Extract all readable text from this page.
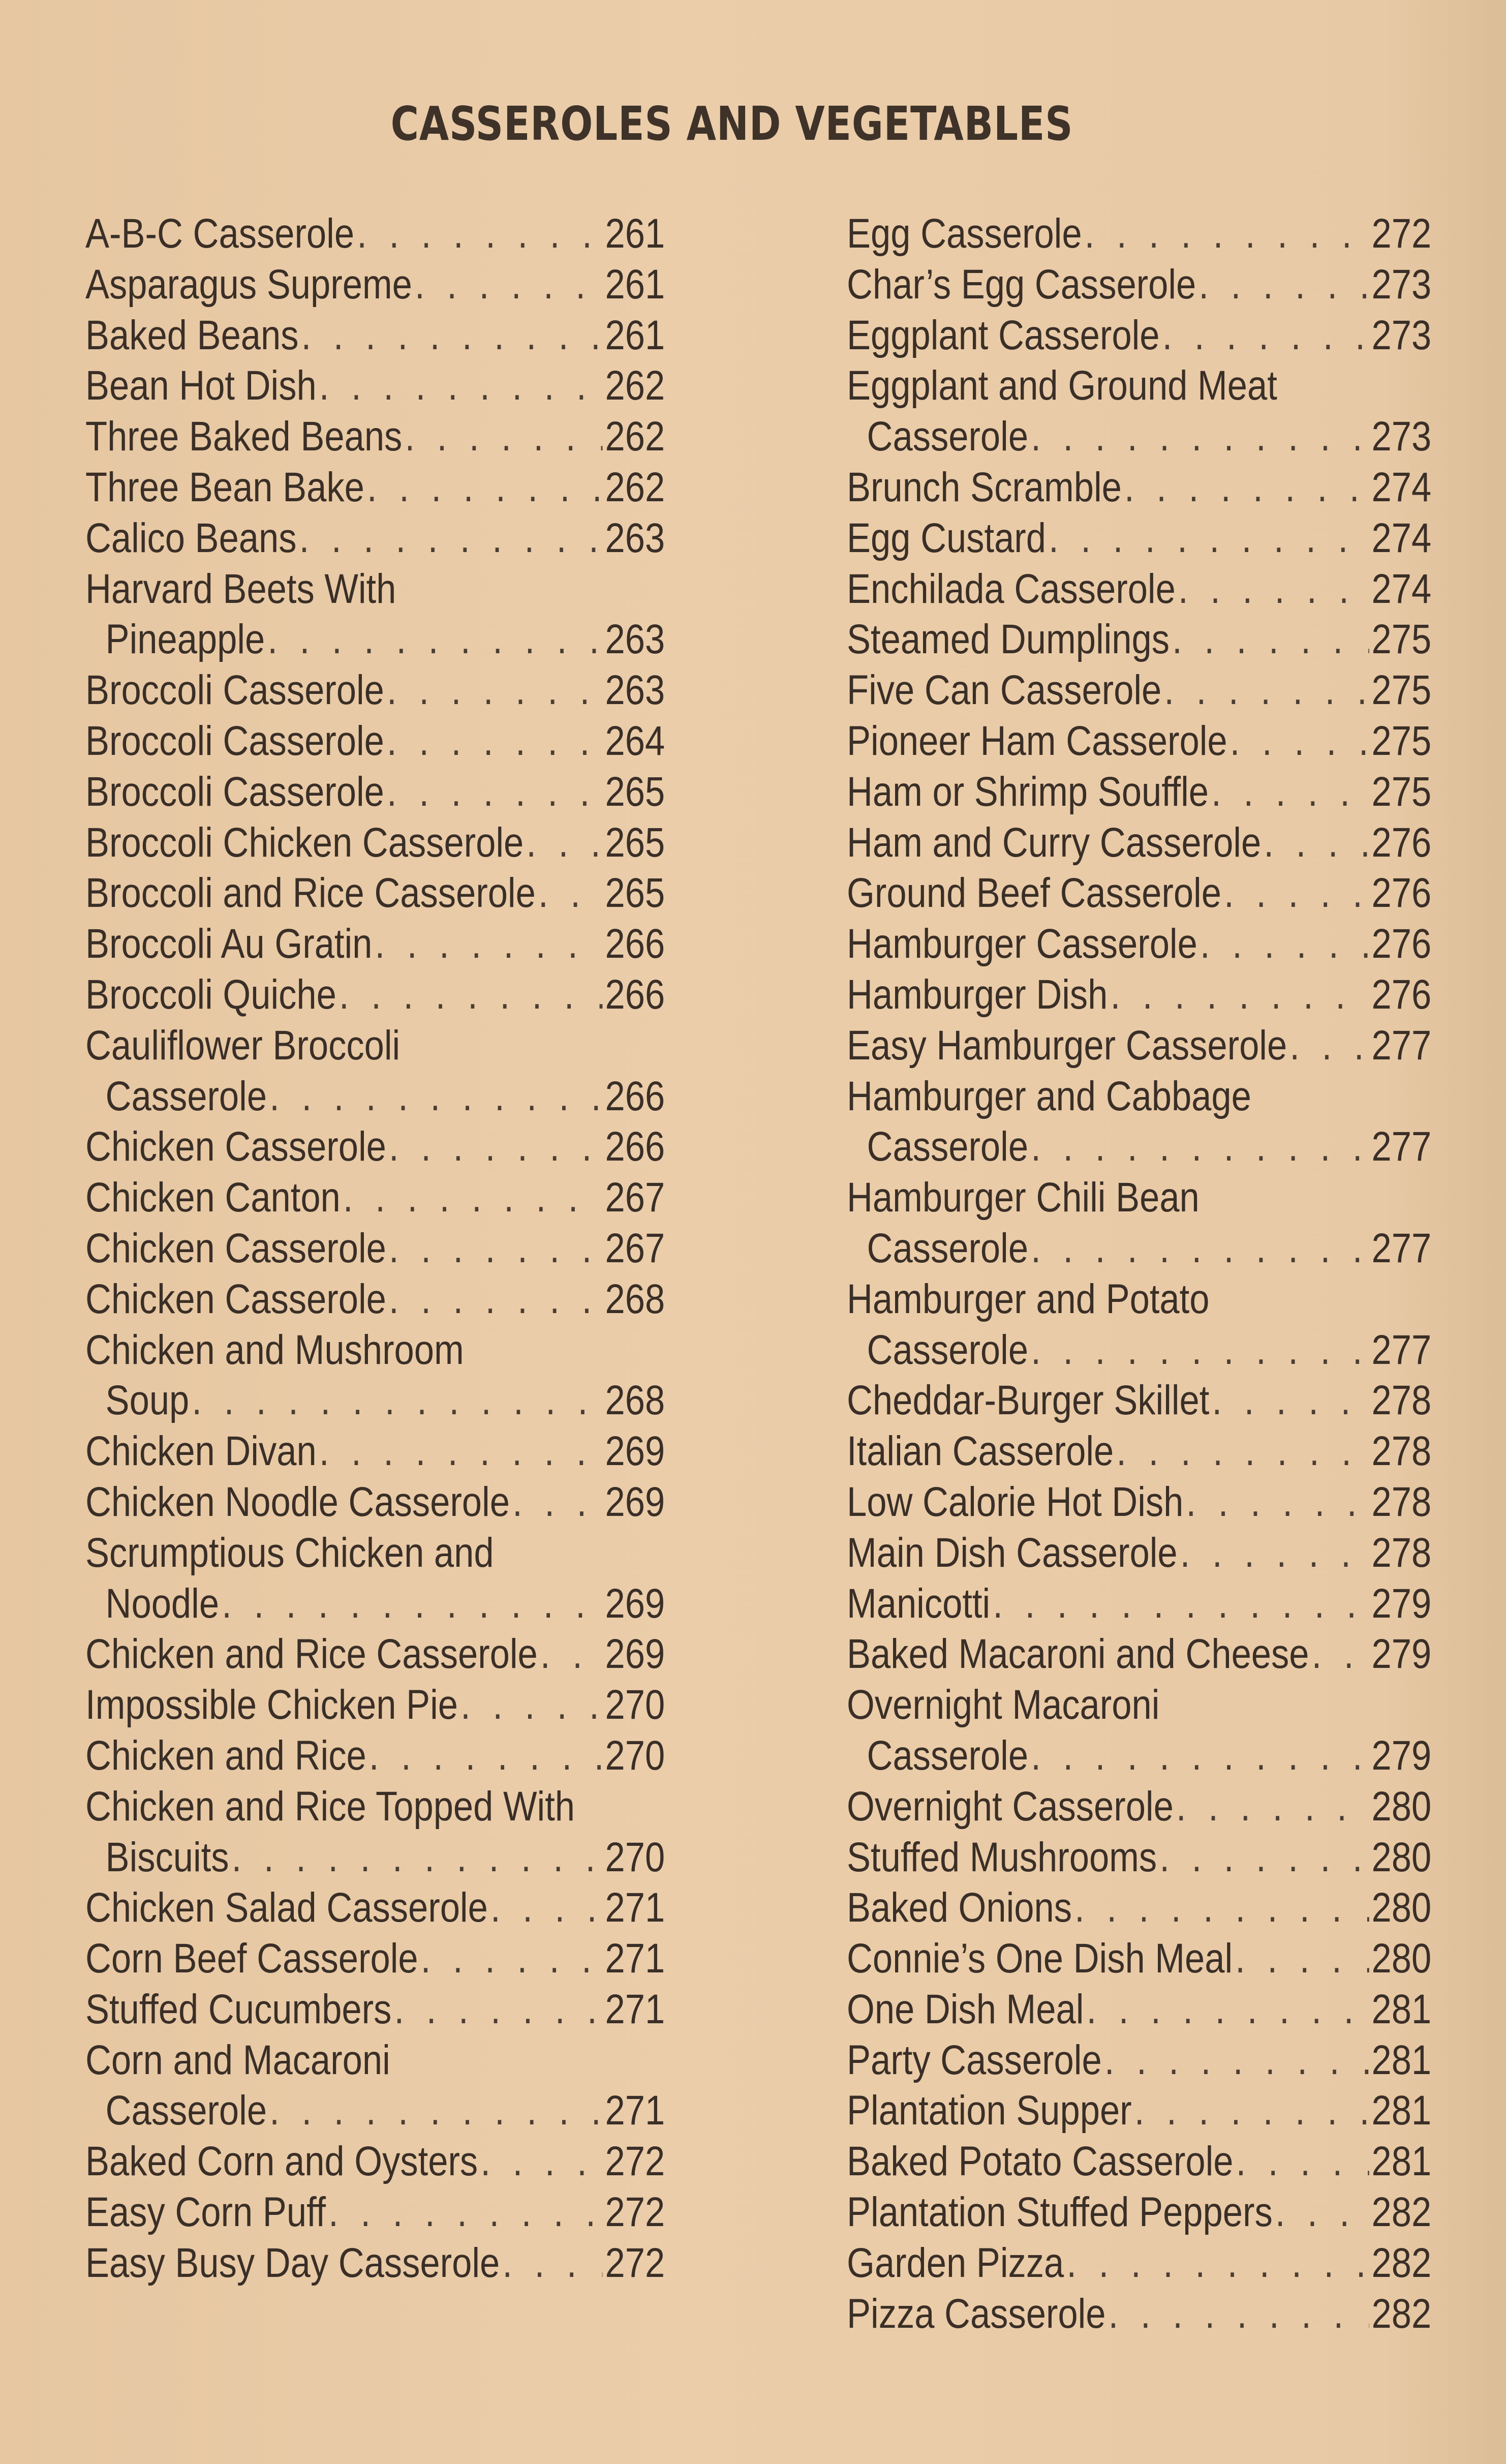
CASSEROLES AND VEGETABLES
A-B-C Casserole . . .	261
Asparagus Supreme . . .	261
Baked Beans . . .	261
Bean Hot Dish . . .	262
Three Baked Beans . . .	262
Three Bean Bake . . .	262
Calico Beans . . .	263
Harvard Beets With
Pineapple . . .	263
Broccoli Casserole . . .	263
Broccoli Casserole . . .	264
Broccoli Casserole . . .	265
Broccoli Chicken Casserole . . . 265
Broccoli and Rice Casserole . . . 265
Broccoli Au Gratin . . .	266
Broccoli Quiche . . .	266
Cauliflower Broccoli
Casserole . . .	266
Chicken Casserole . . .	266
Chicken Canton . . .	267
Chicken Casserole . . .	267
Chicken Casserole . . .	268
Chicken and Mushroom
Soup . . .	268
Chicken Divan . . .	269
Chicken Noodle Casserole . . . 269
Scrumptious Chicken and
Noodle . . .	269
Chicken and Rice Casserole . . . 269
Impossible Chicken Pie . . .	270
Chicken and Rice . . .	270
Chicken and Rice Topped With
Biscuits . . .	270
Chicken Salad Casserole . . .	271
Corn Beef Casserole . . .	271
Stuffed Cucumbers . . .	271
Corn and Macaroni
Casserole . . .	271
Baked Corn and Oysters . . .	272
Easy Corn Puff . . .	272
Easy Busy Day Casserole . . .	272
Egg Casserole . . .	272
Char’s Egg Casserole . . .	273
Eggplant Casserole . . .	273
Eggplant and Ground Meat
Casserole . . .	273
Brunch Scramble . . .	274
Egg Custard . . .	274
Enchilada Casserole . . .	274
Steamed Dumplings . . .	275
Five Can Casserole . . .	275
Pioneer Ham Casserole . . .	275
Ham or Shrimp Souffle . . .	275
Ham and Curry Casserole . . .	276
Ground Beef Casserole . . .	276
Hamburger Casserole . . .	276
Hamburger Dish . . .	276
Easy Hamburger Casserole . . . 277
Hamburger and Cabbage
Casserole . . .	277
Hamburger Chili Bean
Casserole . . .	277
Hamburger and Potato
Casserole . . .	277
Cheddar-Burger Skillet . . .	278
Italian Casserole . . .	278
Low Calorie Hot Dish . . .	278
Main Dish Casserole . . .	278
Manicotti . . .	279
Baked Macaroni and Cheese . . . 279
Overnight Macaroni
Casserole . . .	279
Overnight Casserole . . .	280
Stuffed Mushrooms . . .	280
Baked Onions . . .	280
Connie’s One Dish Meal . . .	280
One Dish Meal . . .	281
Party Casserole . . .	281
Plantation Supper . . .	281
Baked Potato Casserole . . .	281
Plantation Stuffed Peppers . . . 282
Garden Pizza . . .	282
Pizza Casserole . . .	282
